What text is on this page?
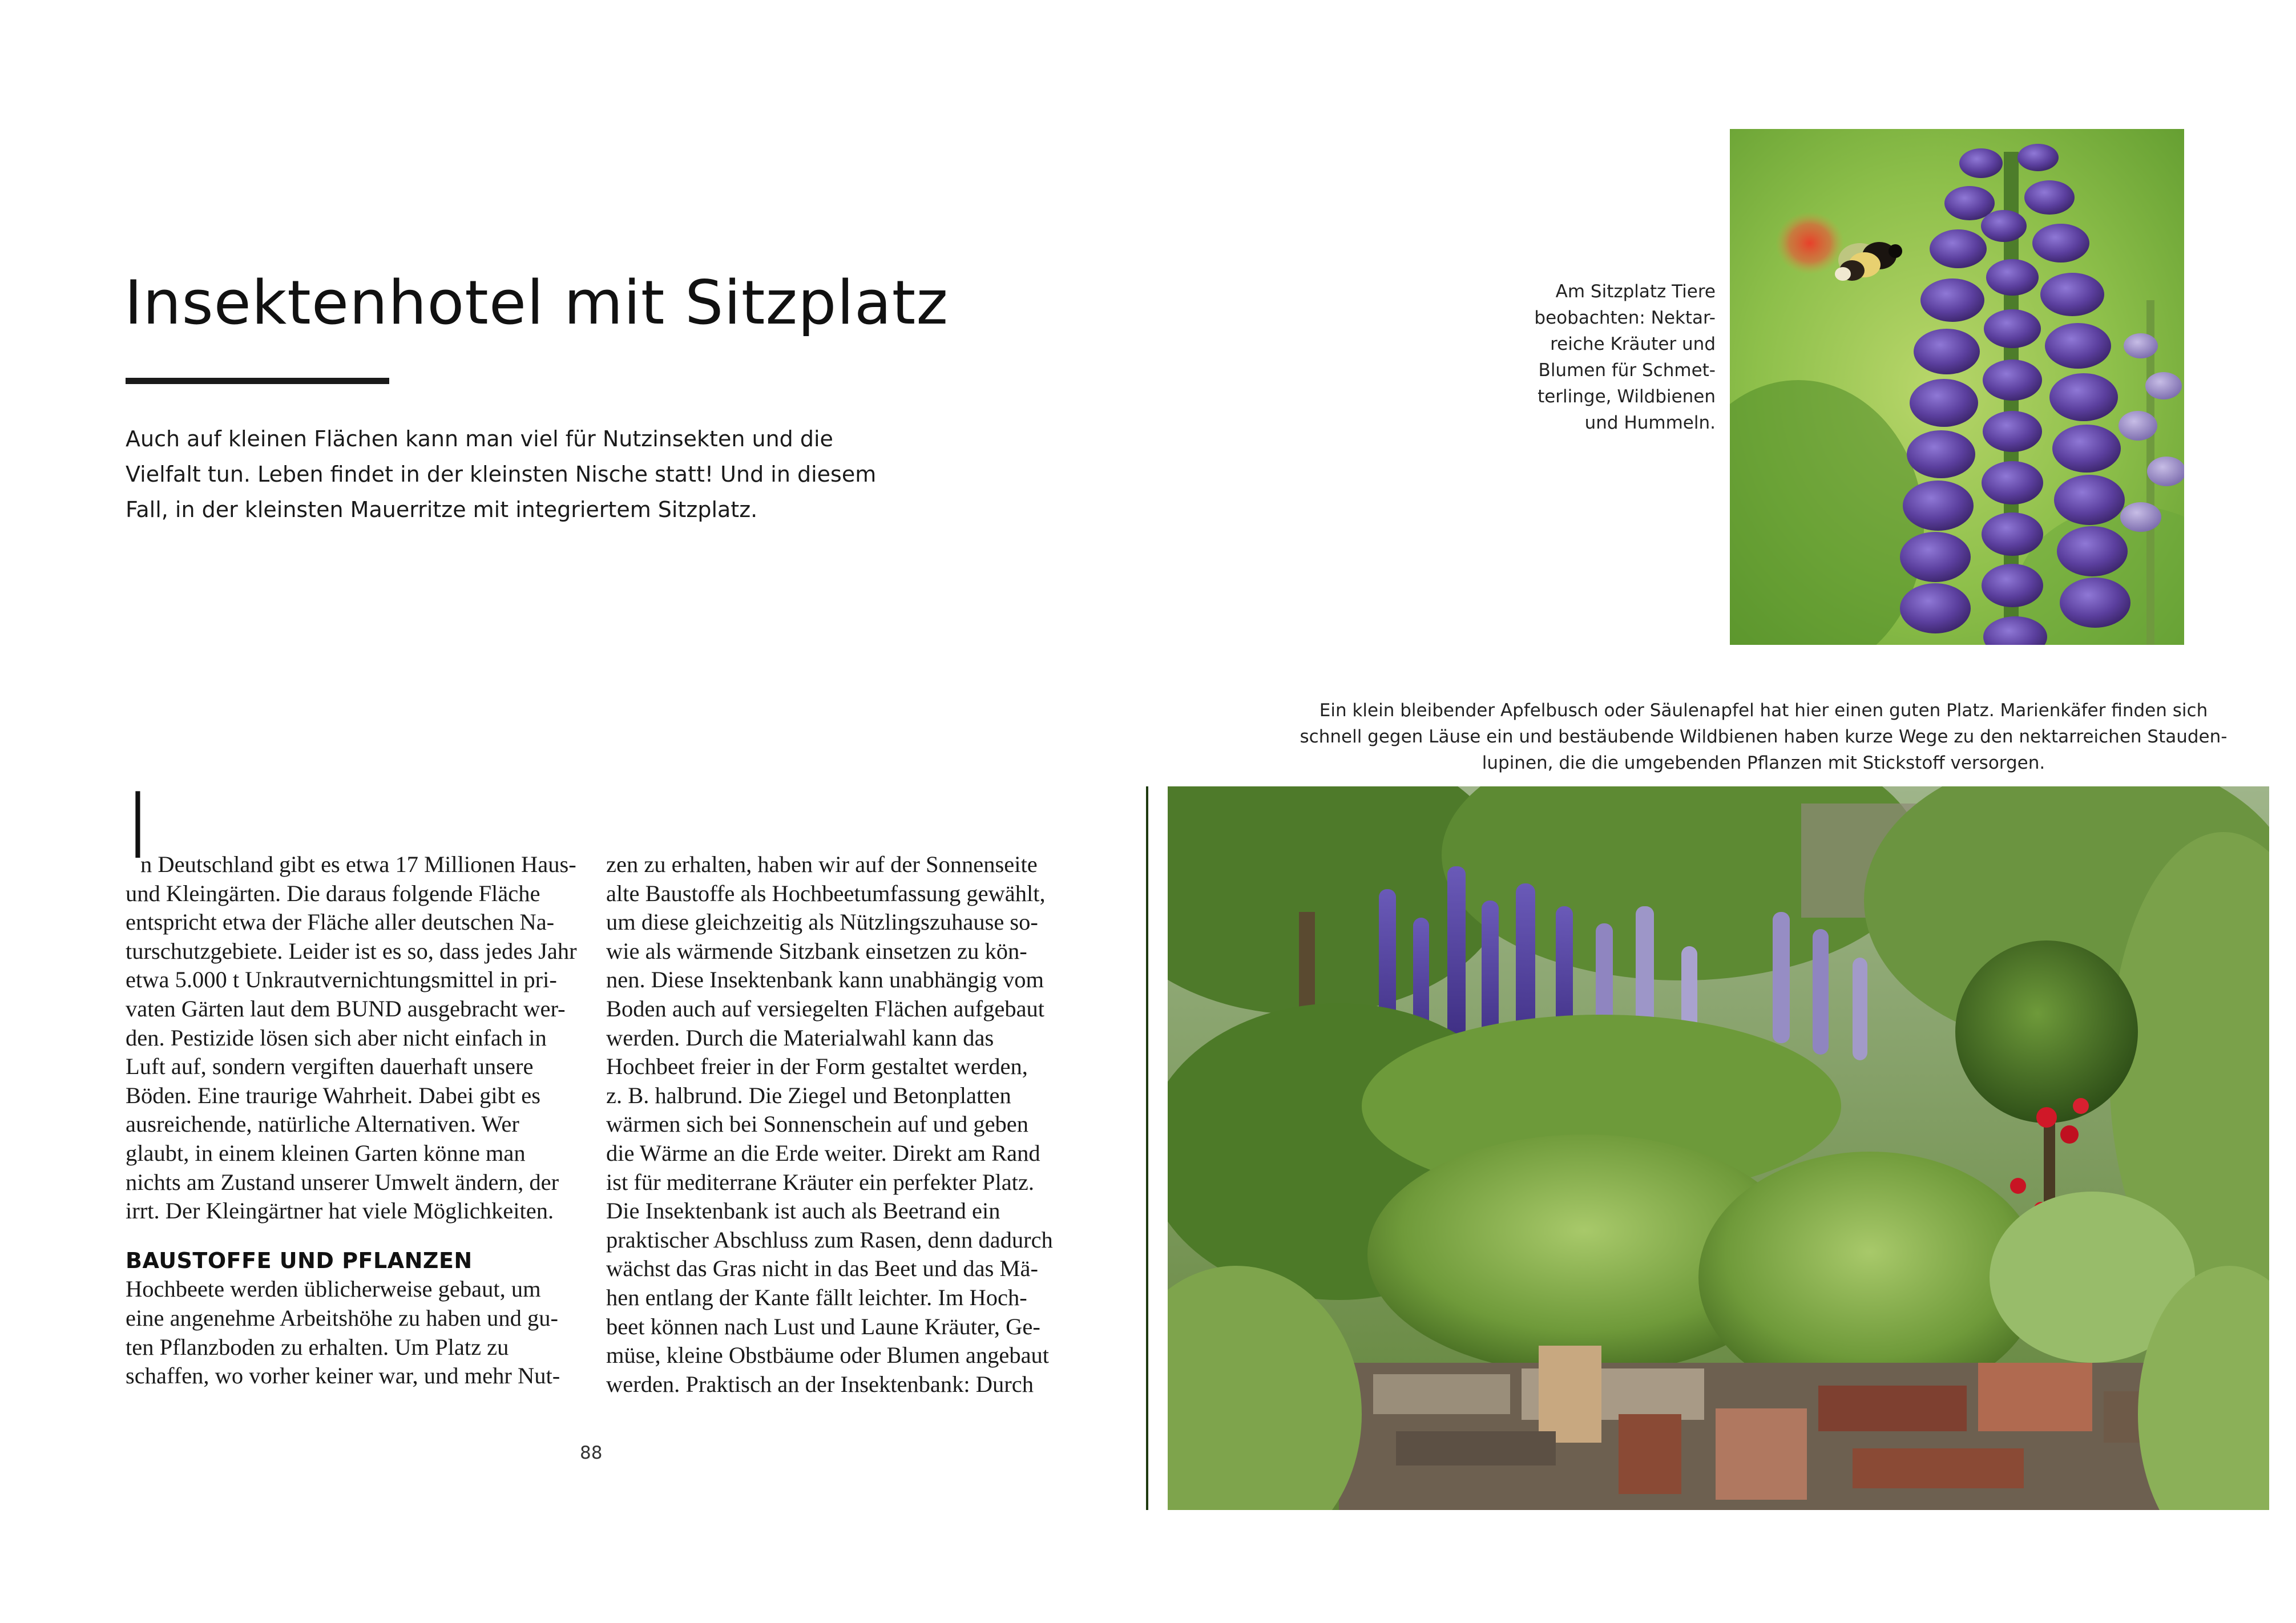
Insektenhotel mit Sitzplatz

Auch auf kleinen Flächen kann man viel für Nutzinsekten und die

Vielfalt tun. Leben findet in der kleinsten Nische statt! Und in diesem

Fall, in der kleinsten Mauerritze mit integriertem Sitzplatz.

Am Sitzplatz Tiere

beobachten: Nektar-

reiche Kräuter und

Blumen für Schmet-

terlinge, Wildbienen

und Hummeln.

Ein klein bleibender Apfelbusch oder Säulenapfel hat hier einen guten Platz. Marienkäfer finden sich

schnell gegen Läuse ein und bestäubende Wildbienen haben kurze Wege zu den nektarreichen Stauden-

lupinen, die die umgebenden Pflanzen mit Stickstoff versorgen.

I

n Deutschland gibt es etwa 17 Millionen Haus-

und Kleingärten. Die daraus folgende Fläche

entspricht etwa der Fläche aller deutschen Na-

turschutzgebiete. Leider ist es so, dass jedes Jahr

etwa 5.000 t Unkrautvernichtungsmittel in pri-

vaten Gärten laut dem BUND ausgebracht wer-

den. Pestizide lösen sich aber nicht einfach in

Luft auf, sondern vergiften dauerhaft unsere

Böden. Eine traurige Wahrheit. Dabei gibt es

ausreichende, natürliche Alternativen. Wer

glaubt, in einem kleinen Garten könne man

nichts am Zustand unserer Umwelt ändern, der

irrt. Der Kleingärtner hat viele Möglichkeiten.

BAUSTOFFE UND PFLANZEN

Hochbeete werden üblicherweise gebaut, um

eine angenehme Arbeitshöhe zu haben und gu-

ten Pflanzboden zu erhalten. Um Platz zu

schaffen, wo vorher keiner war, und mehr Nut-

zen zu erhalten, haben wir auf der Sonnenseite

alte Baustoffe als Hochbeetumfassung gewählt,

um diese gleichzeitig als Nützlingszuhause so-

wie als wärmende Sitzbank einsetzen zu kön-

nen. Diese Insektenbank kann unabhängig vom

Boden auch auf versiegelten Flächen aufgebaut

werden. Durch die Materialwahl kann das

Hochbeet freier in der Form gestaltet werden,

z. B. halbrund. Die Ziegel und Betonplatten

wärmen sich bei Sonnenschein auf und geben

die Wärme an die Erde weiter. Direkt am Rand

ist für mediterrane Kräuter ein perfekter Platz.

Die Insektenbank ist auch als Beetrand ein

praktischer Abschluss zum Rasen, denn dadurch

wächst das Gras nicht in das Beet und das Mä-

hen entlang der Kante fällt leichter. Im Hoch-

beet können nach Lust und Laune Kräuter, Ge-

müse, kleine Obstbäume oder Blumen angebaut

werden. Praktisch an der Insektenbank: Durch

88
